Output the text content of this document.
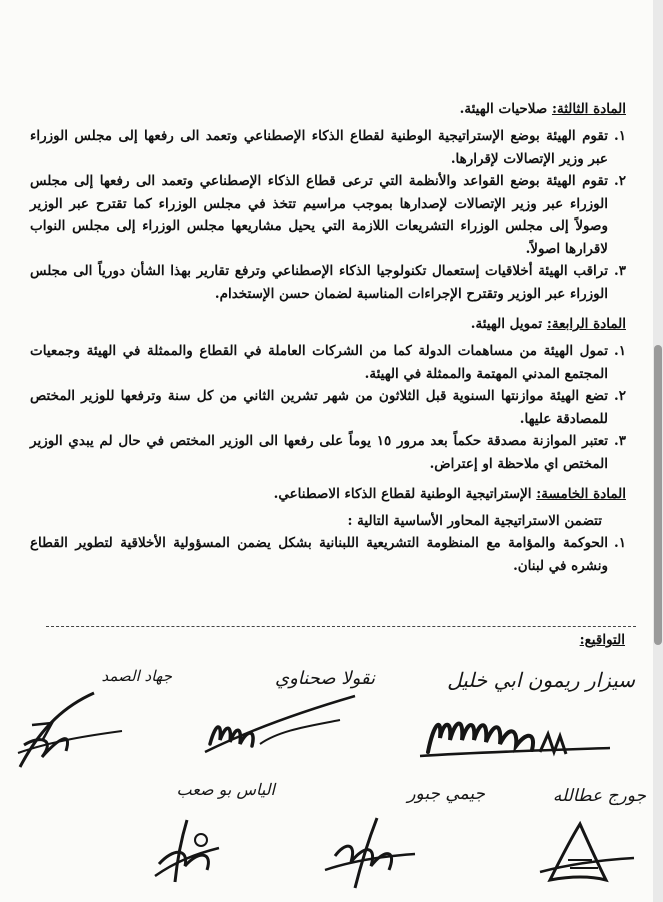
المادة الثالثة: صلاحيات الهيئة.
١.
تقوم الهيئة بوضع الإستراتيجية الوطنية لقطاع الذكاء الإصطناعي وتعمد الى رفعها إلى مجلس الوزراء عبر وزير الإتصالات لإقرارها.
٢.
تقوم الهيئة بوضع القواعد والأنظمة التي ترعى قطاع الذكاء الإصطناعي وتعمد الى رفعها إلى مجلس الوزراء عبر وزير الإتصالات لإصدارها بموجب مراسيم تتخذ في مجلس الوزراء كما تقترح عبر الوزير وصولاً إلى مجلس الوزراء التشريعات اللازمة التي يحيل مشاريعها مجلس الوزراء إلى مجلس النواب لاقرارها اصولاً.
٣.
تراقب الهيئة أخلاقيات إستعمال تكنولوجيا الذكاء الإصطناعي وترفع تقارير بهذا الشأن دورياً الى مجلس الوزراء عبر الوزير وتقترح الإجراءات المناسبة لضمان حسن الإستخدام.
المادة الرابعة: تمويل الهيئة.
١.
تمول الهيئة من مساهمات الدولة كما من الشركات العاملة في القطاع والممثلة في الهيئة وجمعيات المجتمع المدني المهتمة والممثلة في الهيئة.
٢.
تضع الهيئة موازنتها السنوية قبل الثلاثون من شهر تشرين الثاني من كل سنة وترفعها للوزير المختص للمصادقة عليها.
٣.
تعتبر الموازنة مصدقة حكماً بعد مرور ١٥ يوماً على رفعها الى الوزير المختص في حال لم يبدي الوزير المختص اي ملاحظة او إعتراض.
المادة الخامسة: الإستراتيجية الوطنية لقطاع الذكاء الاصطناعي.
تتضمن الاستراتيجية المحاور الأساسية التالية :
١.
الحوكمة والمؤامة مع المنظومة التشريعية اللبنانية بشكل يضمن المسؤولية الأخلاقية لتطوير القطاع ونشره في لبنان.
التواقيع:
سيزار ريمون ابي خليل
نقولا صحناوي
جهاد الصمد
جورج عطالله
جيمي جبور
الياس بو صعب
